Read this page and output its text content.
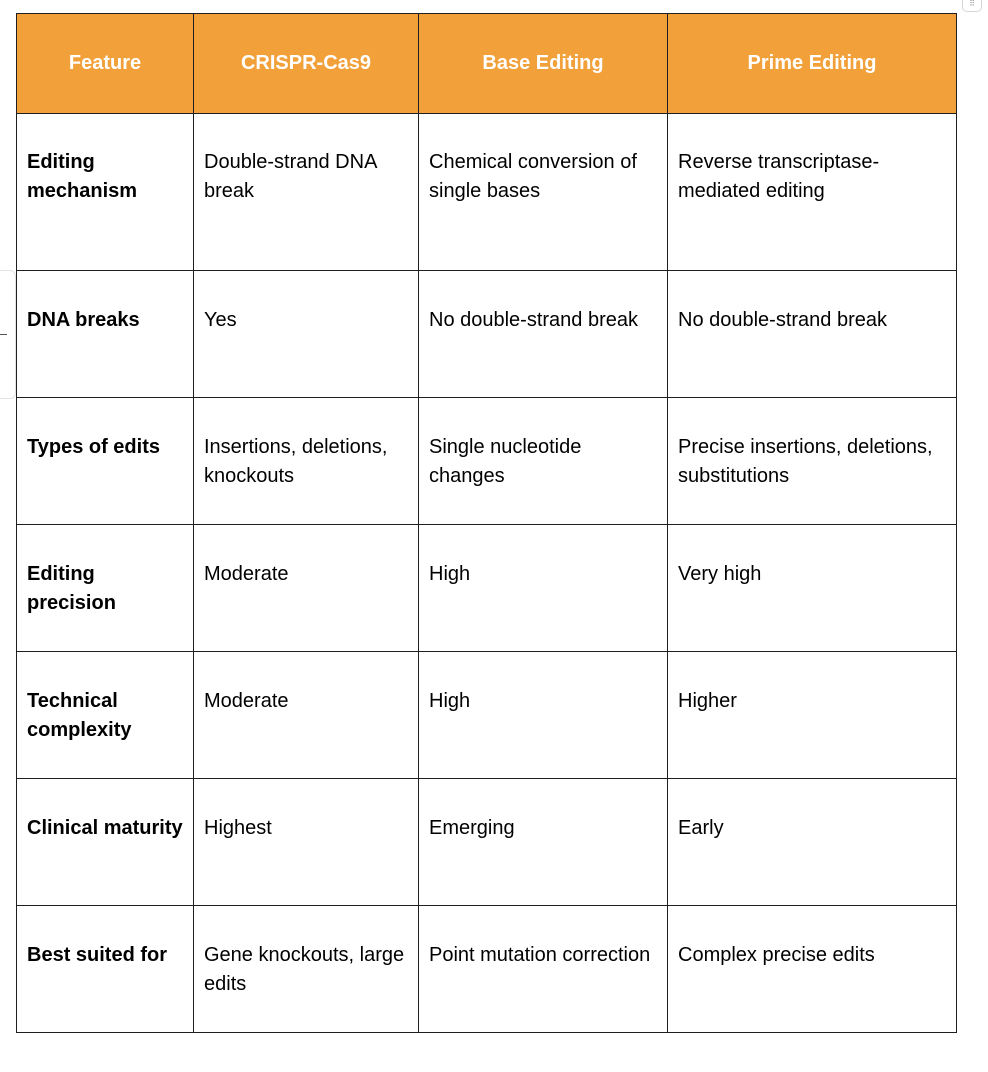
⠿
Feature	CRISPR-Cas9	Base Editing	Prime Editing
Editing mechanism	Double-strand DNA break	Chemical conversion of single bases	Reverse transcriptase-mediated editing
DNA breaks	Yes	No double-strand break	No double-strand break
Types of edits	Insertions, deletions, knockouts	Single nucleotide changes	Precise insertions, deletions, substitutions
Editing precision	Moderate	High	Very high
Technical complexity	Moderate	High	Higher
Clinical maturity	Highest	Emerging	Early
Best suited for	Gene knockouts, large edits	Point mutation correction	Complex precise edits
